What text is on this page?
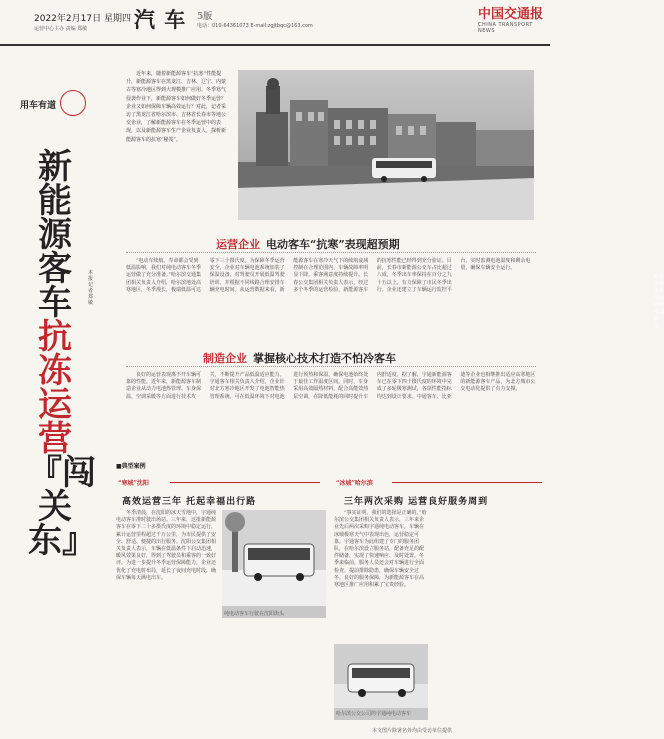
2022年2月17日 星期四
运营中心主办 责编 郑敏 汽 车 5版
电话：010-64361073 E-mail:zgjtbqc@163.com
中国交通报
CHINA TRANSPORT NEWS
用车有道
新能源客车
抗冻运营
『闯关东』
本报记者 郑敏
近年来，随着新能源客车“抗寒”性能提升，新能源客车在黑龙江、吉林、辽宁、内蒙古等寒冷地区得到大规模推广应用。冬季寒气侵袭作业下，新能源客车如何做好冬季运营？企业又如何保障车辆高效运行？对此，记者采访了黑龙江省哈尔滨市、吉林省长春市等地公交企业，了解新能源客车在冬季运营中的表现，以及新能源客车生产企业负责人，探析新能源客车的抗寒“秘笈”。
哈尔滨市街头的宇通纯电动客车。
运营企业 电动客车“抗寒”表现超预期
“电动车续航、寿命都会受到低温影响，我们对纯电动客车冬季运营做了充分准备。”哈尔滨交通集团相关负责人介绍，哈尔滨地处高寒地区，冬季漫长，极端低温可达零下三十摄氏度。为保障冬季运营安全，企业对车辆电池系统加装了保温设备，对驾驶员开展低温驾驶培训，并根据不同线路合理安排车辆充电时间。从运营数据来看，新能源客车在寒冷天气下的续航衰减控制在合理范围内，车辆故障率明显下降，乘客满意度持续提升。长春公交集团相关负责人表示，经过多个冬季的运营检验，新能源客车的抗寒性能已经得到充分验证。目前，长春市新能源公交车占比超过八成，冬季出车率保持在百分之九十五以上，有力保障了市民冬季出行。企业还建立了车辆运行监控平台，实时监测电池温度和剩余电量，确保车辆安全运行。
制造企业 掌握核心技术打造不怕冷客车
良好的运营表现离不开车辆可靠的性能。近年来，新能源客车制造企业从动力电池热管理、车身保温、空调采暖等方面进行技术攻关，不断提升产品低温适应能力。宇通客车相关负责人介绍，企业针对北方寒冷地区开发了电池智能热管理系统，可在低温环境下对电池进行预热和保温，确保电池始终处于最佳工作温度区间。同时，车身采用高效隔热材料，配合高能效热泵空调，在降低能耗的同时提升车内舒适度。据了解，宇通新能源客车已在零下四十摄氏度的环境中完成了多轮极寒测试，各项性能指标均达到设计要求。中通客车、比亚迪等企业也相继推出适应高寒地区的新能源客车产品，为北方城市公交电动化提供了有力支撑。
■典型案例
“寒城”沈阳
高效运营三年 托起幸福出行路
冬季清晨，在沈阳的冰天雪地中，宇通纯电动客车准时驶出场站。三年来，这批新能源客车在零下二十多摄氏度的环境中稳定运行，累计运营里程超过千万公里，为市民提供了安全、舒适、便捷的出行服务。沈阳公交集团相关负责人表示，车辆在低温条件下启动迅速，暖风效果良好，得到了驾驶员和乘客的一致好评。为进一步提升冬季运营保障能力，企业还优化了充电桩布局，延长了夜间充电时段，确保车辆每天满电出车。
纯电动客车行驶在沈阳街头
“冰城”哈尔滨
三年两次采购 运营良好服务周到
“事实证明，我们的选择是正确的。”哈尔滨公交集团相关负责人表示，三年来企业先后两次采购宇通纯电动客车，车辆在冰城极寒天气中表现出色，运营稳定可靠。宇通客车为此组建了专门的服务团队，在哈尔滨设立服务站，配备充足的配件储备，实现了快速响应、及时处置。冬季来临前，服务人员还会对车辆进行全面检查，提前排除隐患，确保车辆安全过冬。良好的服务保障，为新能源客车在高寒地区推广应用积累了宝贵经验。
哈尔滨公交公司的宇通纯电动客车
本文图片除署名外均由受访单位提供
